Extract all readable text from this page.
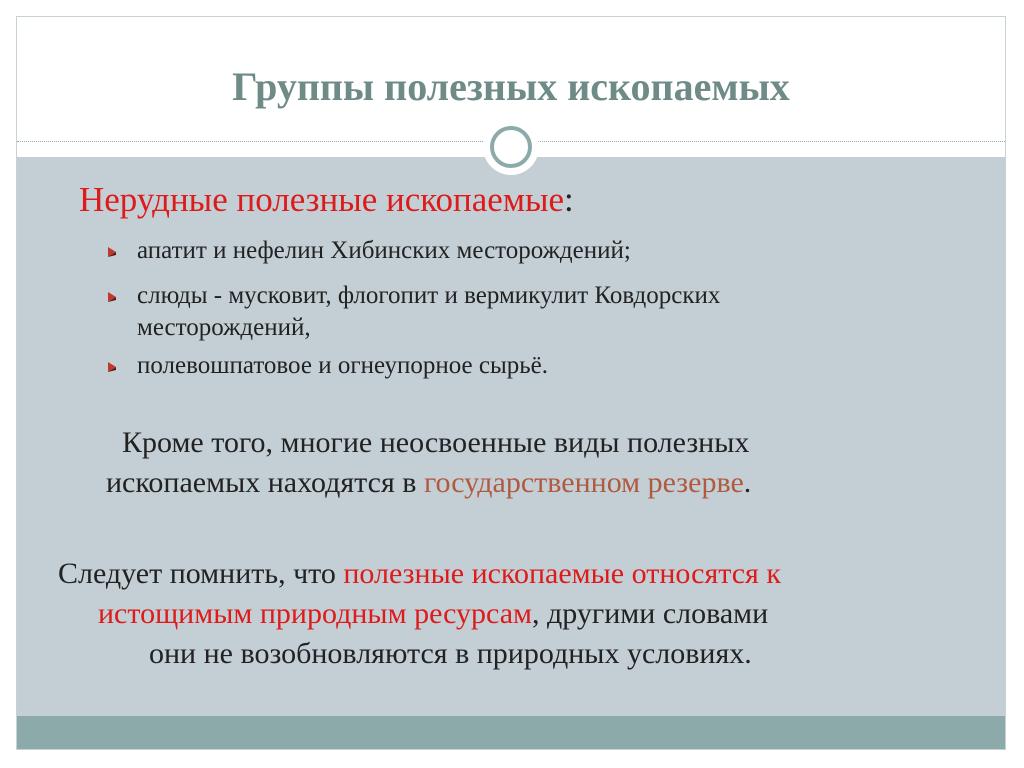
Группы полезных ископаемых
Нерудные полезные ископаемые:
апатит и нефелин Хибинских месторождений;
слюды - мусковит, флогопит и вермикулит Ковдорских
месторождений,
полевошпатовое и огнеупорное сырьё.
Кроме того, многие неосвоенные виды полезных
ископаемых находятся в государственном резерве.
Следует помнить, что полезные ископаемые относятся к
истощимым природным ресурсам, другими словами
они не возобновляются в природных условиях.
